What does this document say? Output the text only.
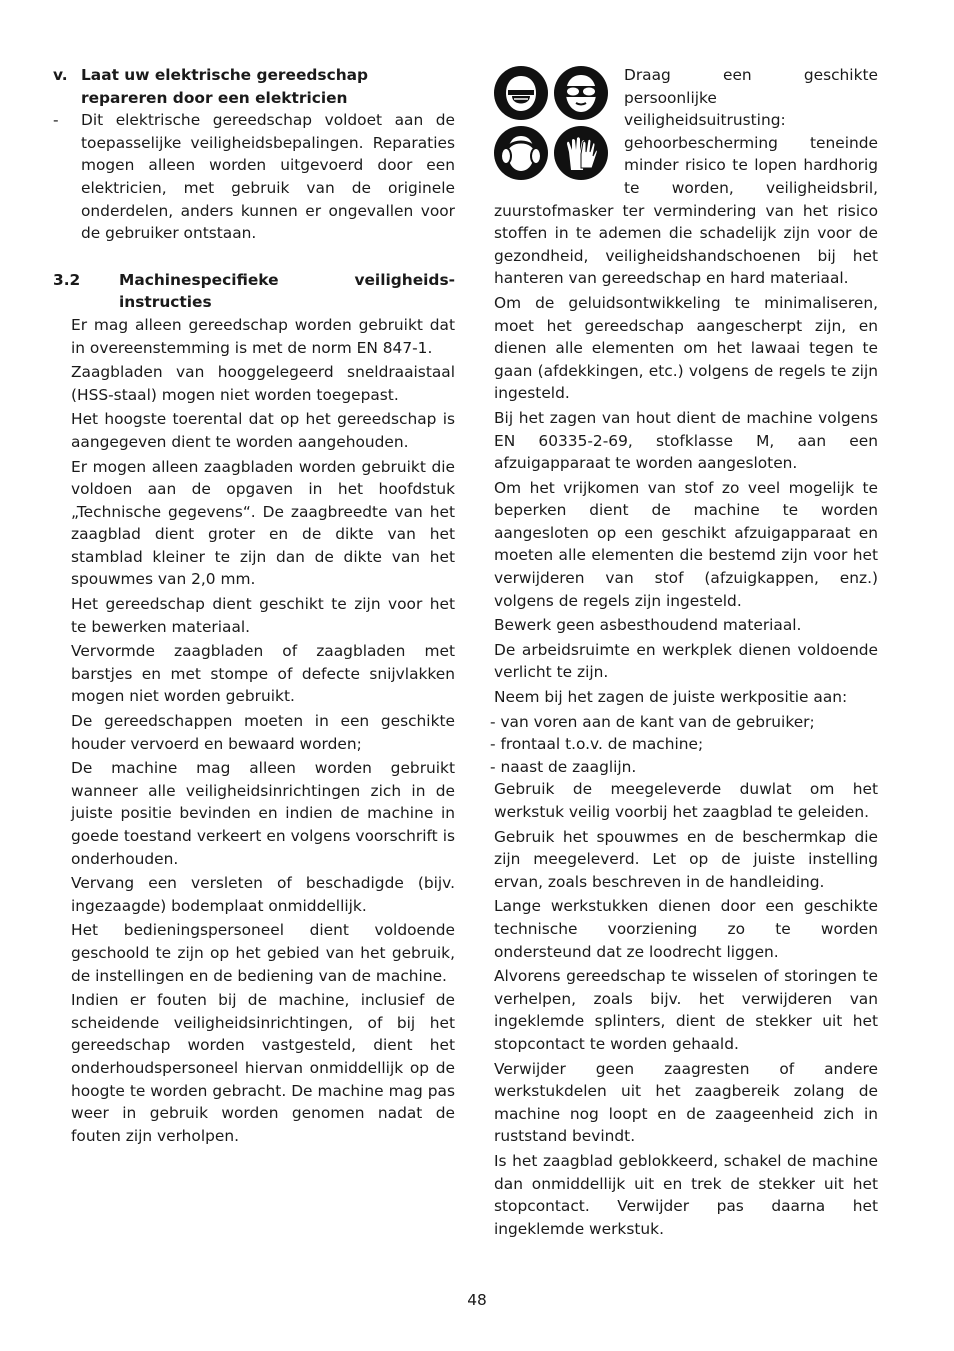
v. Laat uw elektrische gereedschap repareren door een elektricien
-	Dit elektrische gereedschap voldoet aan de toepasselijke veiligheidsbepalingen. Reparaties mogen alleen worden uitgevoerd door een elektricien, met gebruik van de originele onderdelen, anders kunnen er ongevallen voor de gebruiker ontstaan.

3.2	Machinespecifieke veiligheids-instructies

Er mag alleen gereedschap worden gebruikt dat in overeenstemming is met de norm EN 847-1.

Zaagbladen van hooggelegeerd sneldraaistaal (HSS-staal) mogen niet worden toegepast.

Het hoogste toerental dat op het gereedschap is aangegeven dient te worden aangehouden.

Er mogen alleen zaagbladen worden gebruikt die voldoen aan de opgaven in het hoofdstuk „Technische gegevens“. De zaagbreedte van het zaagblad dient groter en de dikte van het stamblad kleiner te zijn dan de dikte van het spouwmes van 2,0 mm.

Het gereedschap dient geschikt te zijn voor het te bewerken materiaal.

Vervormde zaagbladen of zaagbladen met barstjes en met stompe of defecte snijvlakken mogen niet worden gebruikt.

De gereedschappen moeten in een geschikte houder vervoerd en bewaard worden;

De machine mag alleen worden gebruikt wanneer alle veiligheidsinrichtingen zich in de juiste positie bevinden en indien de machine in goede toestand verkeert en volgens voorschrift is onderhouden.

Vervang een versleten of beschadigde (bijv. ingezaagde) bodemplaat onmiddellijk.

Het bedieningspersoneel dient voldoende geschoold te zijn op het gebied van het gebruik, de instellingen en de bediening van de machine.

Indien er fouten bij de machine, inclusief de scheidende veiligheidsinrichtingen, of bij het gereedschap worden vastgesteld, dient het onderhoudspersoneel hiervan onmiddellijk op de hoogte te worden gebracht. De machine mag pas weer in gebruik worden genomen nadat de fouten zijn verholpen.

Draag een geschikte persoonlijke veiligheidsuitrusting: gehoorbescherming teneinde minder risico te lopen hardhorig te worden, veiligheidsbril, zuurstofmasker ter vermindering van het risico stoffen in te ademen die schadelijk zijn voor de gezondheid, veiligheidshandschoenen bij het hanteren van gereedschap en hard materiaal.

Om de geluidsontwikkeling te minimaliseren, moet het gereedschap aangescherpt zijn, en dienen alle elementen om het lawaai tegen te gaan (afdekkingen, etc.) volgens de regels te zijn ingesteld.

Bij het zagen van hout dient de machine volgens EN 60335-2-69, stofklasse M, aan een afzuigapparaat te worden aangesloten.

Om het vrijkomen van stof zo veel mogelijk te beperken dient de machine te worden aangesloten op een geschikt afzuigapparaat en moeten alle elementen die bestemd zijn voor het verwijderen van stof (afzuigkappen, enz.) volgens de regels zijn ingesteld.

Bewerk geen asbesthoudend materiaal.

De arbeidsruimte en werkplek dienen voldoende verlicht te zijn.

Neem bij het zagen de juiste werkpositie aan:

- van voren aan de kant van de gebruiker;
- frontaal t.o.v. de machine;
- naast de zaaglijn.

Gebruik de meegeleverde duwlat om het werkstuk veilig voorbij het zaagblad te geleiden.

Gebruik het spouwmes en de beschermkap die zijn meegeleverd. Let op de juiste instelling ervan, zoals beschreven in de handleiding.

Lange werkstukken dienen door een geschikte technische voorziening zo te worden ondersteund dat ze loodrecht liggen.

Alvorens gereedschap te wisselen of storingen te verhelpen, zoals bijv. het verwijderen van ingeklemde splinters, dient de stekker uit het stopcontact te worden gehaald.

Verwijder geen zaagresten of andere werkstukdelen uit het zaagbereik zolang de machine nog loopt en de zaageenheid zich in ruststand bevindt.

Is het zaagblad geblokkeerd, schakel de machine dan onmiddellijk uit en trek de stekker uit het stopcontact. Verwijder pas daarna het ingeklemde werkstuk.

48
